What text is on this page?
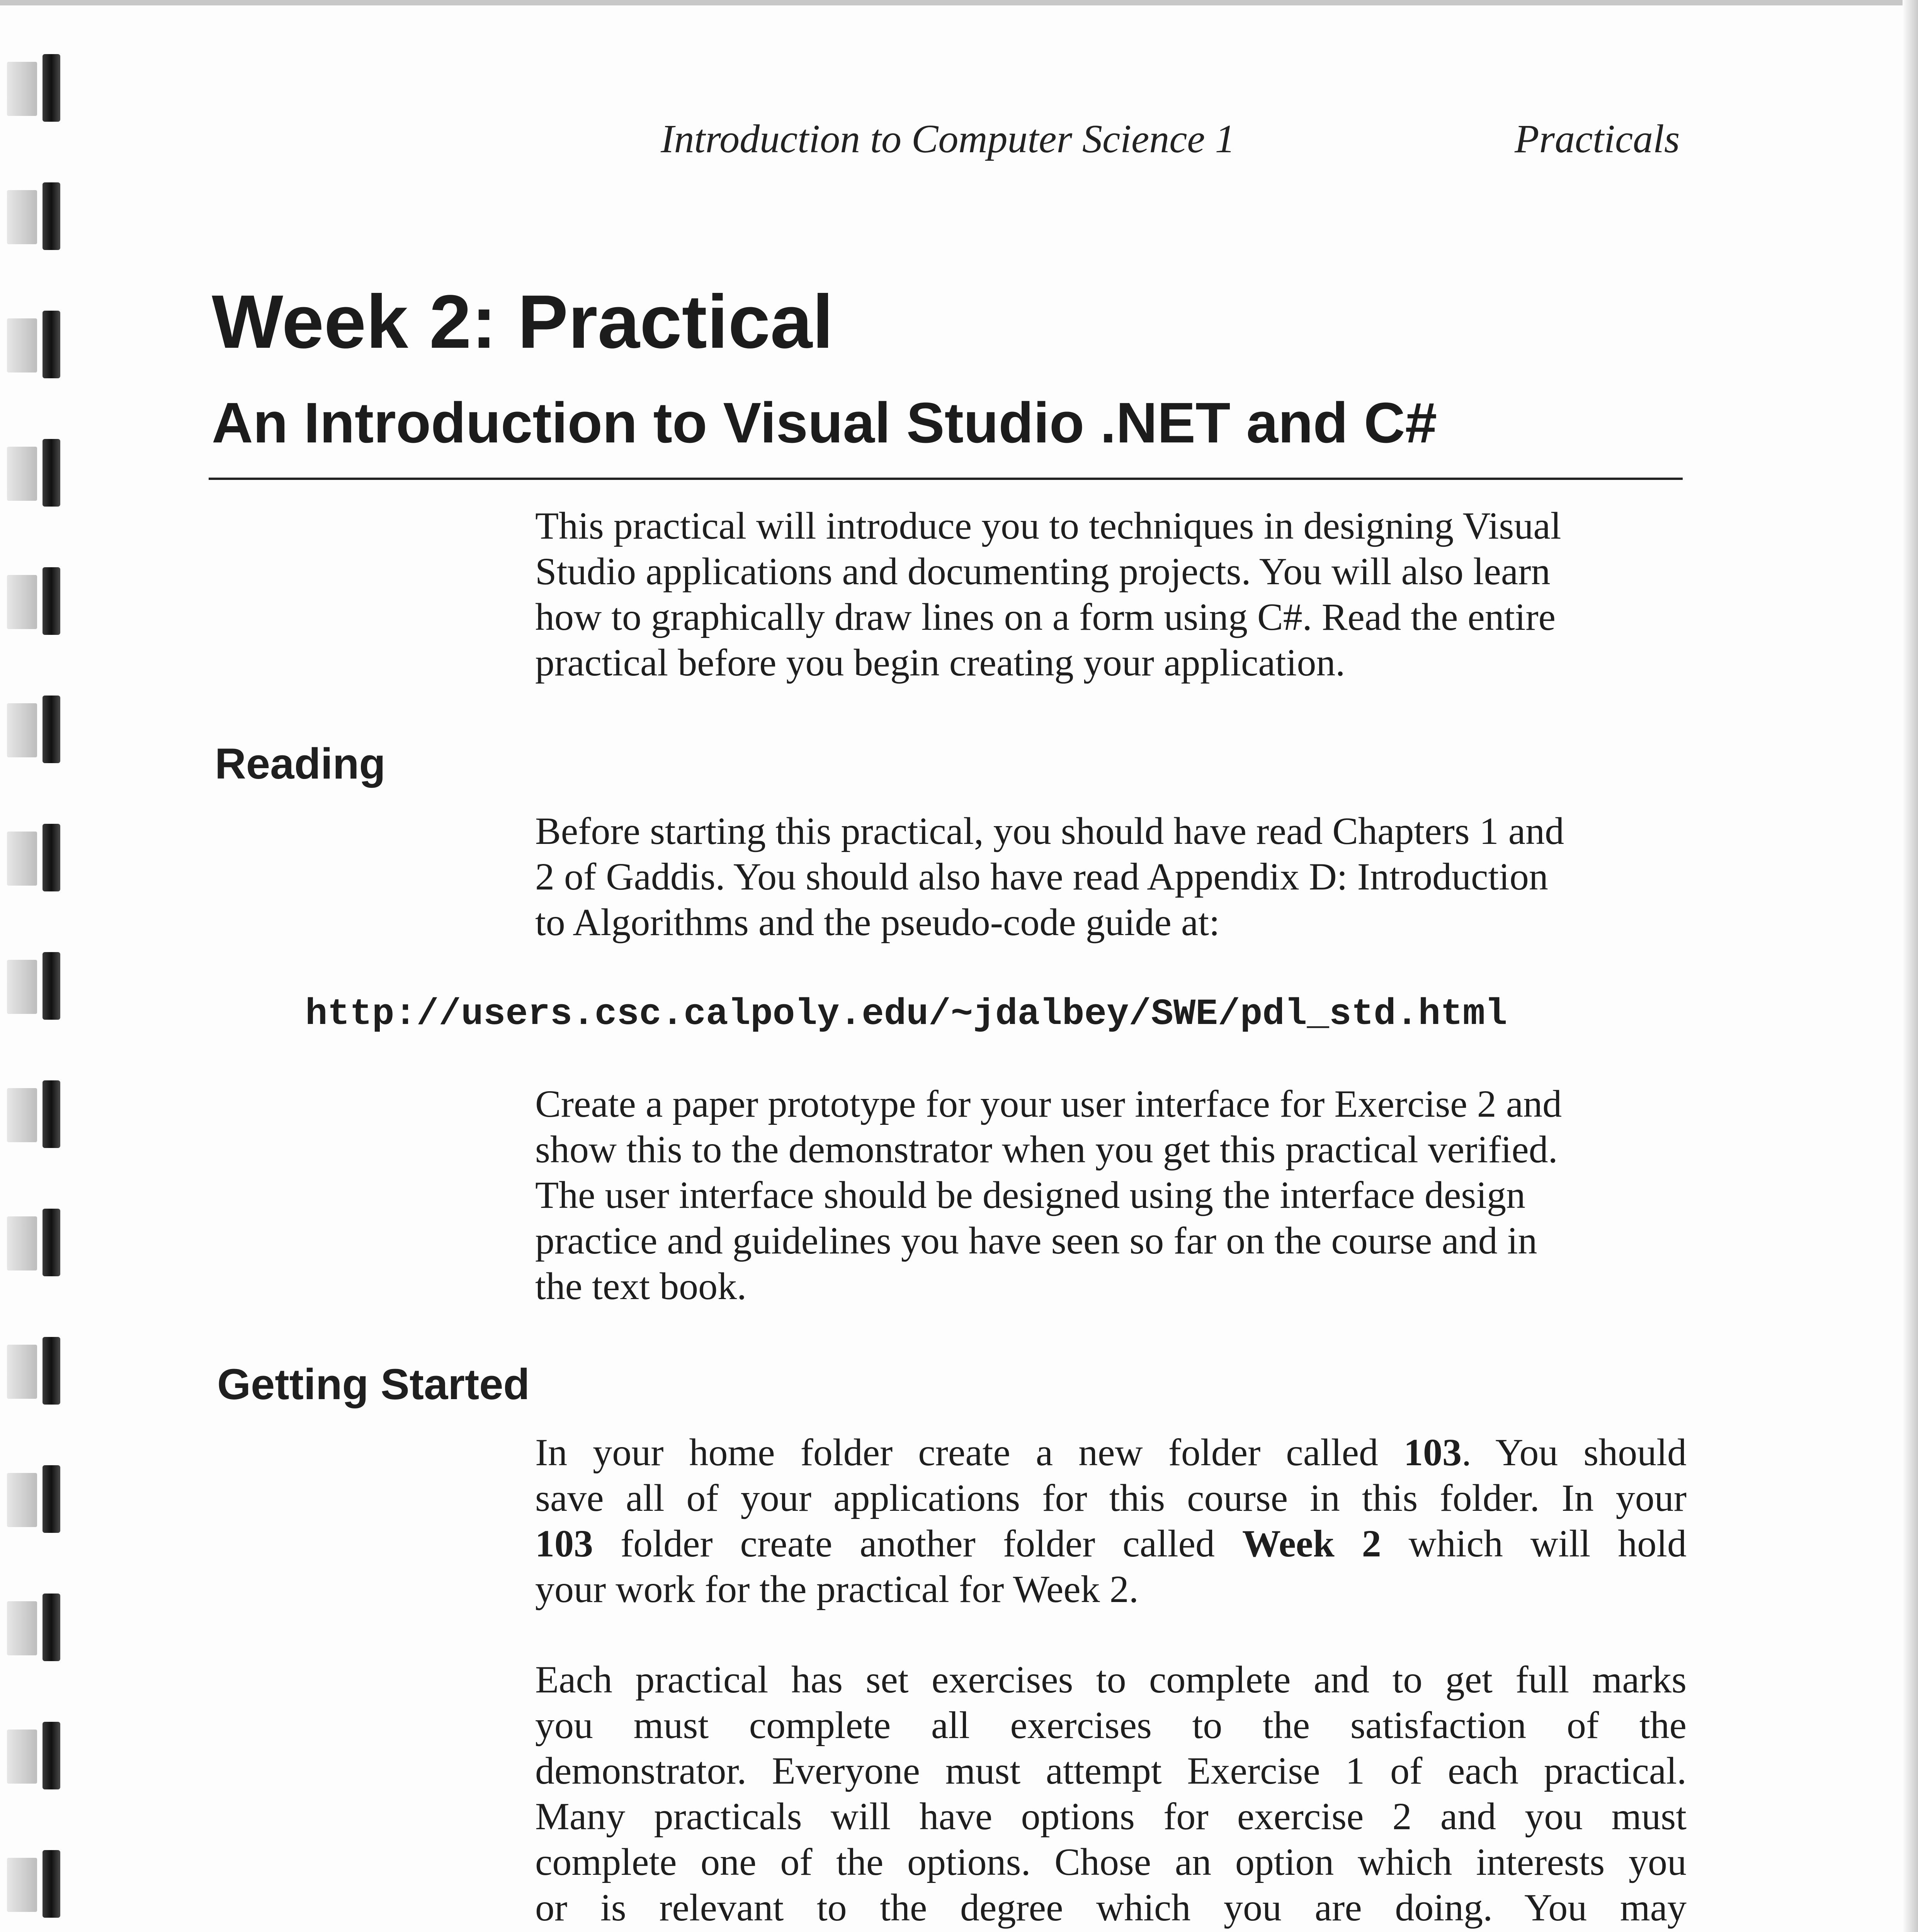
Introduction to Computer Science 1	Practicals
Week 2: Practical
An Introduction to Visual Studio .NET and C#
This practical will introduce you to techniques in designing Visual
Studio applications and documenting projects. You will also learn
how to graphically draw lines on a form using C#. Read the entire
practical before you begin creating your application.
Reading
Before starting this practical, you should have read Chapters 1 and
2 of Gaddis. You should also have read Appendix D: Introduction
to Algorithms and the pseudo-code guide at:
http://users.csc.calpoly.edu/~jdalbey/SWE/pdl_std.html
Create a paper prototype for your user interface for Exercise 2 and
show this to the demonstrator when you get this practical verified.
The user interface should be designed using the interface design
practice and guidelines you have seen so far on the course and in
the text book.
Getting Started
In your home folder create a new folder called 103. You should
save all of your applications for this course in this folder. In your
103 folder create another folder called Week 2 which will hold
your work for the practical for Week 2.
Each practical has set exercises to complete and to get full marks
you must complete all exercises to the satisfaction of the
demonstrator. Everyone must attempt Exercise 1 of each practical.
Many practicals will have options for exercise 2 and you must
complete one of the options. Chose an option which interests you
or is relevant to the degree which you are doing. You may
